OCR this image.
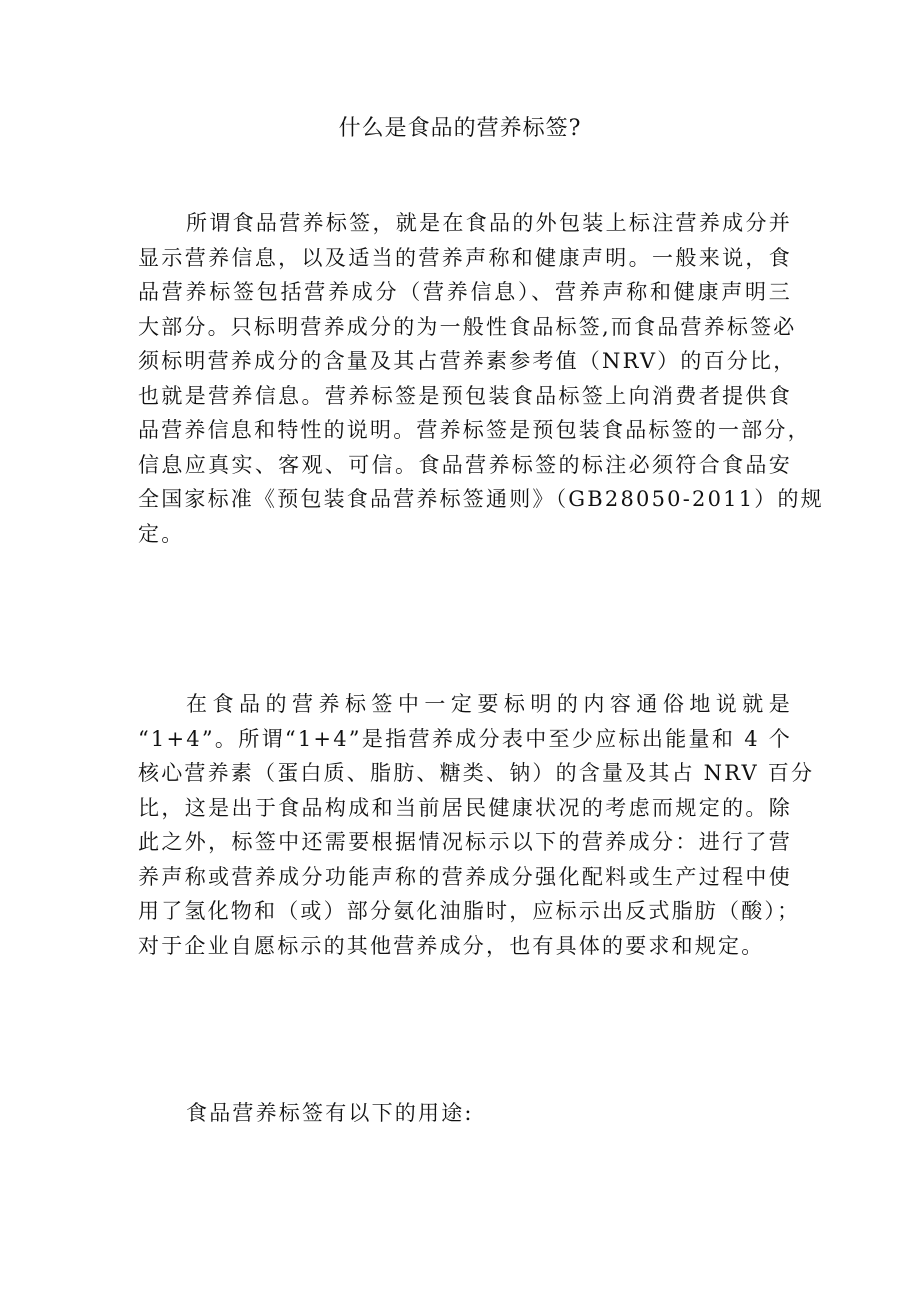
什么是食品的营养标签?
所谓食品营养标签，就是在食品的外包装上标注营养成分并
显示营养信息，以及适当的营养声称和健康声明。一般来说，食
品营养标签包括营养成分（营养信息）、营养声称和健康声明三
大部分。只标明营养成分的为一般性食品标签,而食品营养标签必
须标明营养成分的含量及其占营养素参考值（NRV）的百分比，
也就是营养信息。营养标签是预包装食品标签上向消费者提供食
品营养信息和特性的说明。营养标签是预包装食品标签的一部分，
信息应真实、客观、可信。食品营养标签的标注必须符合食品安
全国家标准《预包装食品营养标签通则》（GB28050-2011）的规
定。
在食品的营养标签中一定要标明的内容通俗地说就是
“1+4”。所谓“1+4”是指营养成分表中至少应标出能量和 4 个
核心营养素（蛋白质、脂肪、糖类、钠）的含量及其占 NRV 百分
比，这是出于食品构成和当前居民健康状况的考虑而规定的。除
此之外，标签中还需要根据情况标示以下的营养成分：进行了营
养声称或营养成分功能声称的营养成分强化配料或生产过程中使
用了氢化物和（或）部分氨化油脂时，应标示出反式脂肪（酸）；
对于企业自愿标示的其他营养成分，也有具体的要求和规定。
食品营养标签有以下的用途:
